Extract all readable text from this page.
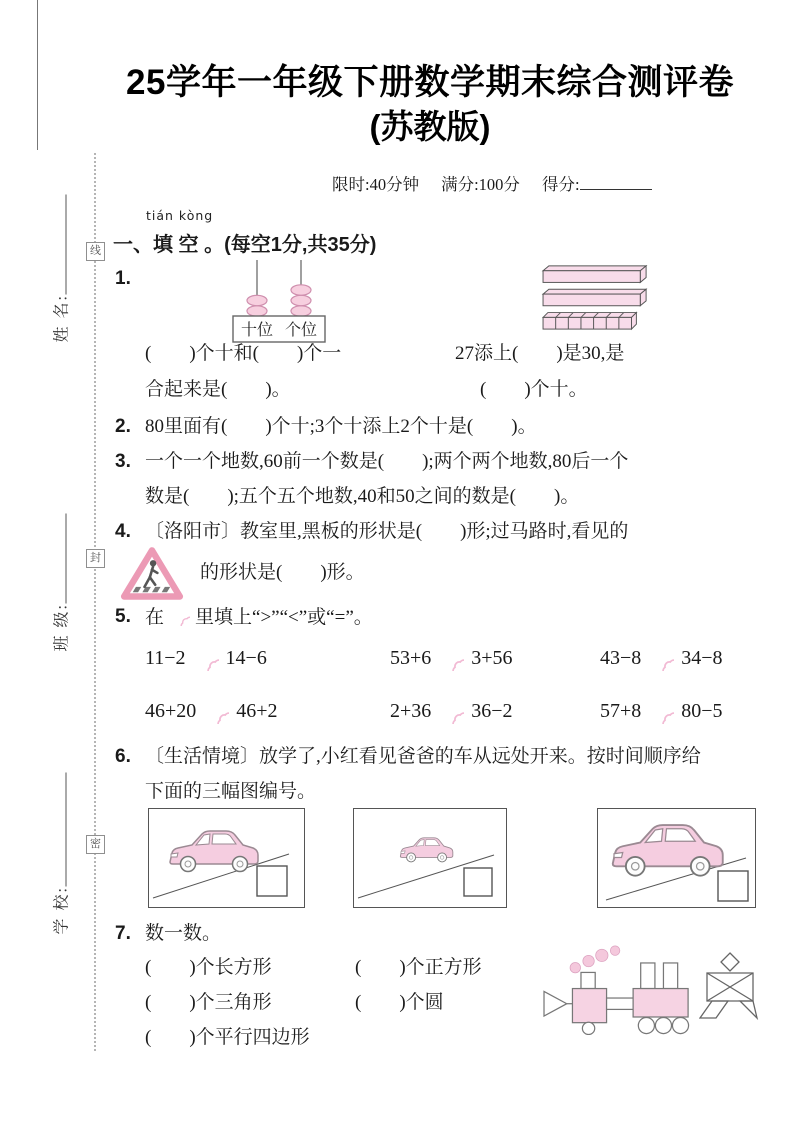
线
封
密
姓 名:
班 级:
学 校:
25学年一年级下册数学期末综合测评卷
(苏教版)
限时:40分钟 满分:100分 得分:
tián kòng
一、填 空 。(每空1分,共35分)
1.
十位 个位
(        )个十和(        )个一	27添上(        )是30,是
合起来是(        )。	(        )个十。
2. 80里面有(        )个十;3个十添上2个十是(        )。
3. 一个一个地数,60前一个数是(        );两个两个地数,80后一个
数是(        );五个五个地数,40和50之间的数是(        )。
4. 〔洛阳市〕教室里,黑板的形状是(        )形;过马路时,看见的
的形状是(        )形。
5. 在 里填上“>”“<”或“=”。
11−2 14−6	53+6 3+56	43−8 34−8
46+20 46+2	2+36 36−2	57+8 80−5
6. 〔生活情境〕放学了,小红看见爸爸的车从远处开来。按时间顺序给
下面的三幅图编号。
7. 数一数。
(        )个长方形	(        )个正方形
(        )个三角形	(        )个圆
(        )个平行四边形
